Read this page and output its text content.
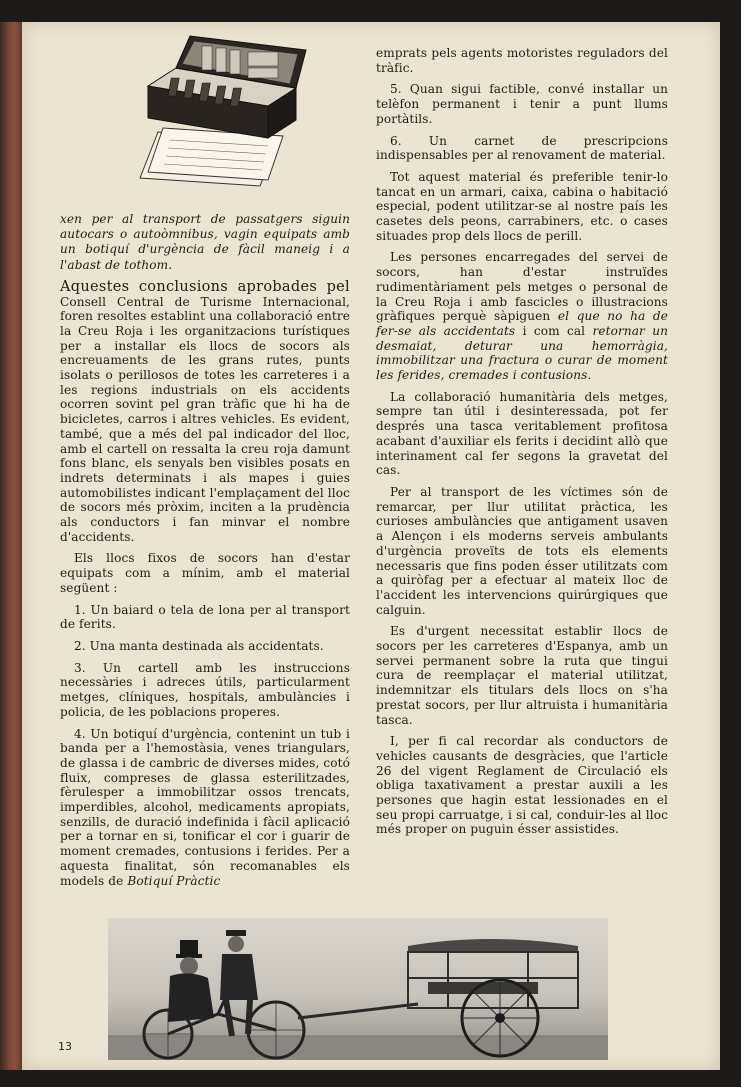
xen per al transport de passatgers siguin autocars o autoòmnibus, vagin equipats amb un botiquí d'urgència de fàcil maneig i a l'abast de tothom.

Aquestes conclusions aprobades pel Consell Central de Turisme Internacional, foren resoltes establint una collaboració entre la Creu Roja i les organitzacions turístiques per a installar els llocs de socors als encreuaments de les grans rutes, punts isolats o perillosos de totes les carreteres i a les regions industrials on els accidents ocorren sovint pel gran tràfic que hi ha de bicicletes, carros i altres vehicles. Es evident, també, que a més del pal indicador del lloc, amb el cartell on ressalta la creu roja damunt fons blanc, els senyals ben visibles posats en indrets determinats i als mapes i guies automobilistes indicant l'emplaçament del lloc de socors més pròxim, inciten a la prudència als conductors i fan minvar el nombre d'accidents.

Els llocs fixos de socors han d'estar equipats com a mínim, amb el material següent :

1. Un baiard o tela de lona per al transport de ferits.

2. Una manta destinada als accidentats.

3. Un cartell amb les instruccions necessàries i adreces útils, particularment metges, clíniques, hospitals, ambulàncies i policia, de les poblacions properes.

4. Un botiquí d'urgència, contenint un tub i banda per a l'hemostàsia, venes triangulars, de glassa i de cambric de diverses mides, cotó fluix, compreses de glassa esterilitzades, fèrulesper a immobilitzar ossos trencats, imperdibles, alcohol, medicaments apropiats, senzills, de duració indefinida i fàcil aplicació per a tornar en si, tonificar el cor i guarir de moment cremades, contusions i ferides. Per a aquesta finalitat, són recomanables els models de Botiquí Pràctic

emprats pels agents motoristes reguladors del tràfic.

5. Quan sigui factible, convé installar un telèfon permanent i tenir a punt llums portàtils.

6. Un carnet de prescripcions indispensables per al renovament de material.

Tot aquest material és preferible tenir-lo tancat en un armari, caixa, cabina o habitació especial, podent utilitzar-se al nostre país les casetes dels peons, carrabiners, etc. o cases situades prop dels llocs de perill.

Les persones encarregades del servei de socors, han d'estar instruïdes rudimentàriament pels metges o personal de la Creu Roja i amb fascicles o illustracions gràfiques perquè sàpiguen el que no ha de fer-se als accidentats i com cal retornar un desmaiat, deturar una hemorràgia, immobilitzar una fractura o curar de moment les ferides, cremades i contusions.

La collaboració humanitària dels metges, sempre tan útil i desinteressada, pot fer després una tasca veritablement profitosa acabant d'auxiliar els ferits i decidint allò que interinament cal fer segons la gravetat del cas.

Per al transport de les víctimes són de remarcar, per llur utilitat pràctica, les curioses ambulàncies que antigament usaven a Alençon i els moderns serveis ambulants d'urgència proveïts de tots els elements necessaris que fins poden ésser utilitzats com a quiròfag per a efectuar al mateix lloc de l'accident les intervencions quirúrgiques que calguin.

Es d'urgent necessitat establir llocs de socors per les carreteres d'Espanya, amb un servei permanent sobre la ruta que tingui cura de reemplaçar el material utilitzat, indemnitzar els titulars dels llocs on s'ha prestat socors, per llur altruista i humanitària tasca.

I, per fi cal recordar als conductors de vehicles causants de desgràcies, que l'article 26 del vigent Reglament de Circulació els obliga taxativament a prestar auxili a les persones que hagin estat lessionades en el seu propi carruatge, i si cal, conduir-les al lloc més proper on puguin ésser assistides.

13
